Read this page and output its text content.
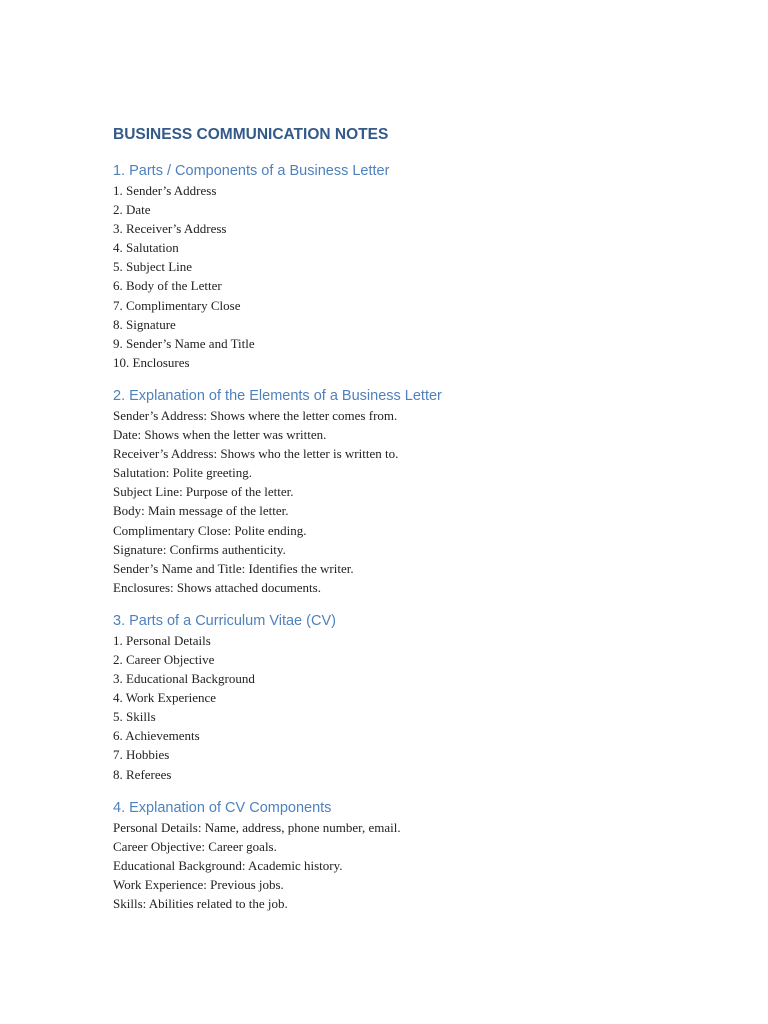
BUSINESS COMMUNICATION NOTES
1. Parts / Components of a Business Letter
1. Sender’s Address
2. Date
3. Receiver’s Address
4. Salutation
5. Subject Line
6. Body of the Letter
7. Complimentary Close
8. Signature
9. Sender’s Name and Title
10. Enclosures
2. Explanation of the Elements of a Business Letter
Sender’s Address: Shows where the letter comes from.
Date: Shows when the letter was written.
Receiver’s Address: Shows who the letter is written to.
Salutation: Polite greeting.
Subject Line: Purpose of the letter.
Body: Main message of the letter.
Complimentary Close: Polite ending.
Signature: Confirms authenticity.
Sender’s Name and Title: Identifies the writer.
Enclosures: Shows attached documents.
3. Parts of a Curriculum Vitae (CV)
1. Personal Details
2. Career Objective
3. Educational Background
4. Work Experience
5. Skills
6. Achievements
7. Hobbies
8. Referees
4. Explanation of CV Components
Personal Details: Name, address, phone number, email.
Career Objective: Career goals.
Educational Background: Academic history.
Work Experience: Previous jobs.
Skills: Abilities related to the job.
